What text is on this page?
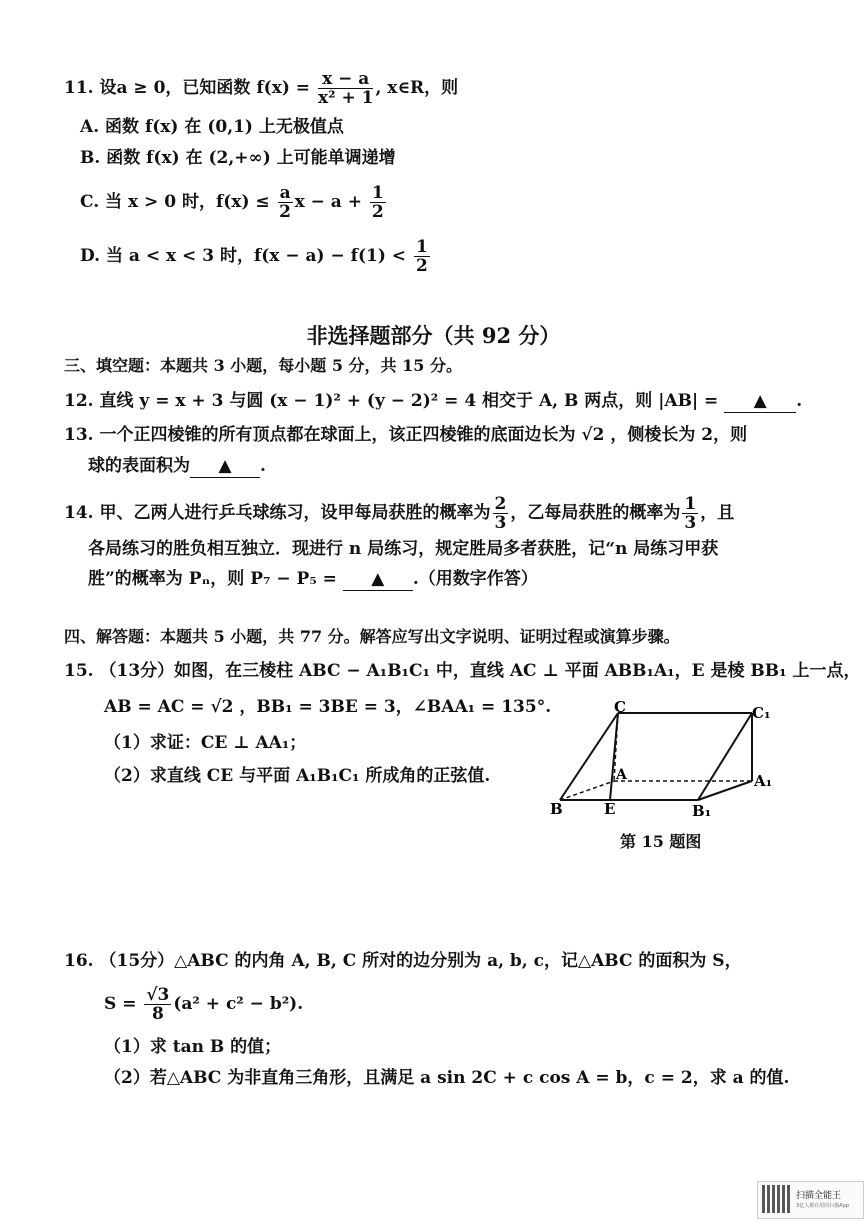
11. 设a ≥ 0，已知函数 $f(x) = \frac{x - a}{\text{x² + 1}}$ , x∈R，则
A. 函数 f(x) 在 (0,1) 上无极值点
B. 函数 f(x) 在 (2,+∞) 上可能单调递增
C. 当 x > 0 时，$f(x) \le \frac{a}{2}$ $x - a + \frac{1}{2}$
D. 当 a < x < 3 时，$f(x - a) - f(1) < \frac{1}{2}$
非选择题部分（共 92 分）
三、填空题：本题共 3 小题，每小题 5 分，共 15 分。
12. 直线 y = x + 3 与圆 (x − 1)² + (y − 2)² = 4 相交于 A, B 两点，则 |AB| = ▲ .
13. 一个正四棱锥的所有顶点都在球面上，该正四棱锥的底面边长为 √2 ，侧棱长为 2，则
球的表面积为 ▲ .
14. 甲、乙两人进行乒乓球练习，设甲每局获胜的概率为 $\frac{2}{3}$ ，乙每局获胜的概率为 $\frac{1}{3}$ ，且
各局练习的胜负相互独立．现进行 n 局练习，规定胜局多者获胜，记“n 局练习甲获
胜”的概率为 Pₙ，则 P₇ − P₅ = ▲ .（用数字作答）
四、解答题：本题共 5 小题，共 77 分。解答应写出文字说明、证明过程或演算步骤。
15. （13分）如图，在三棱柱 ABC − A₁B₁C₁ 中，直线 AC ⊥ 平面 ABB₁A₁，E 是棱 BB₁ 上一点，
AB = AC = √2 ，BB₁ = 3BE = 3，∠BAA₁ = 135°.
（1）求证：CE ⊥ AA₁；
（2）求直线 CE 与平面 A₁B₁C₁ 所成角的正弦值.
C	C₁
A	A₁
B	E	B₁
第 15 题图
16. （15分）△ABC 的内角 A, B, C 所对的边分别为 a, b, c，记△ABC 的面积为 S，
$S = \frac{√3}{8} (a^2 + c^2 - b^2)$.
（1）求 tan B 的值；
（2）若△ABC 为非直角三角形，且满足 a sin 2C + c cos A = b，c = 2，求 a 的值.
扫描全能王
3亿人都在用的扫描App
